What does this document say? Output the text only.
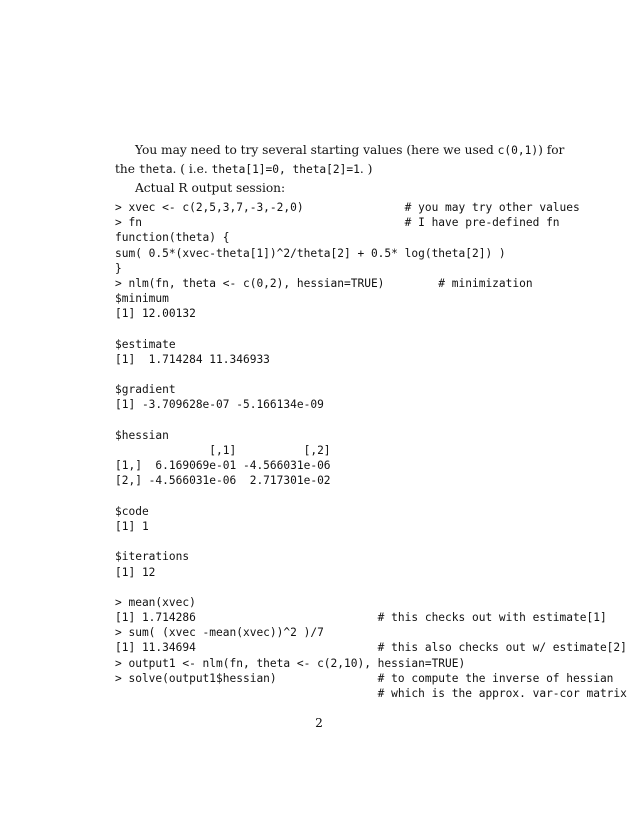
You may need to try several starting values (here we used c(0,1)) for
the theta. ( i.e. theta[1]=0, theta[2]=1. )
Actual R output session:
> xvec <- c(2,5,3,7,-3,-2,0)               # you may try other values
> fn                                       # I have pre-defined fn
function(theta) {
sum( 0.5*(xvec-theta[1])^2/theta[2] + 0.5* log(theta[2]) )
}
> nlm(fn, theta <- c(0,2), hessian=TRUE)        # minimization
$minimum
[1] 12.00132
$estimate
[1]  1.714284 11.346933
$gradient
[1] -3.709628e-07 -5.166134e-09
$hessian
[,1]          [,2]
[1,]  6.169069e-01 -4.566031e-06
[2,] -4.566031e-06  2.717301e-02
$code
[1] 1
$iterations
[1] 12
> mean(xvec)
[1] 1.714286                           # this checks out with estimate[1]
> sum( (xvec -mean(xvec))^2 )/7
[1] 11.34694                           # this also checks out w/ estimate[2]
> output1 <- nlm(fn, theta <- c(2,10), hessian=TRUE)
> solve(output1$hessian)               # to compute the inverse of hessian
# which is the approx. var-cor matrix
2
